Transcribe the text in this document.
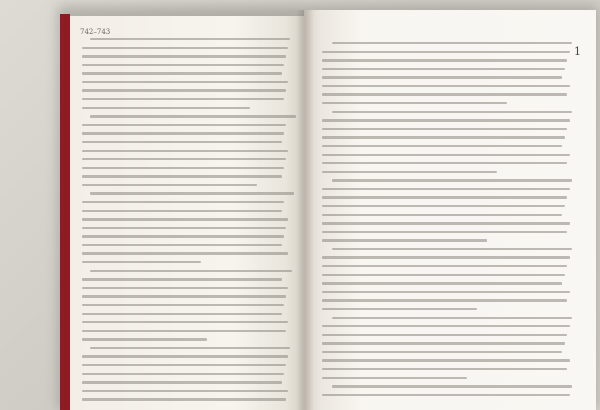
742–743
1
